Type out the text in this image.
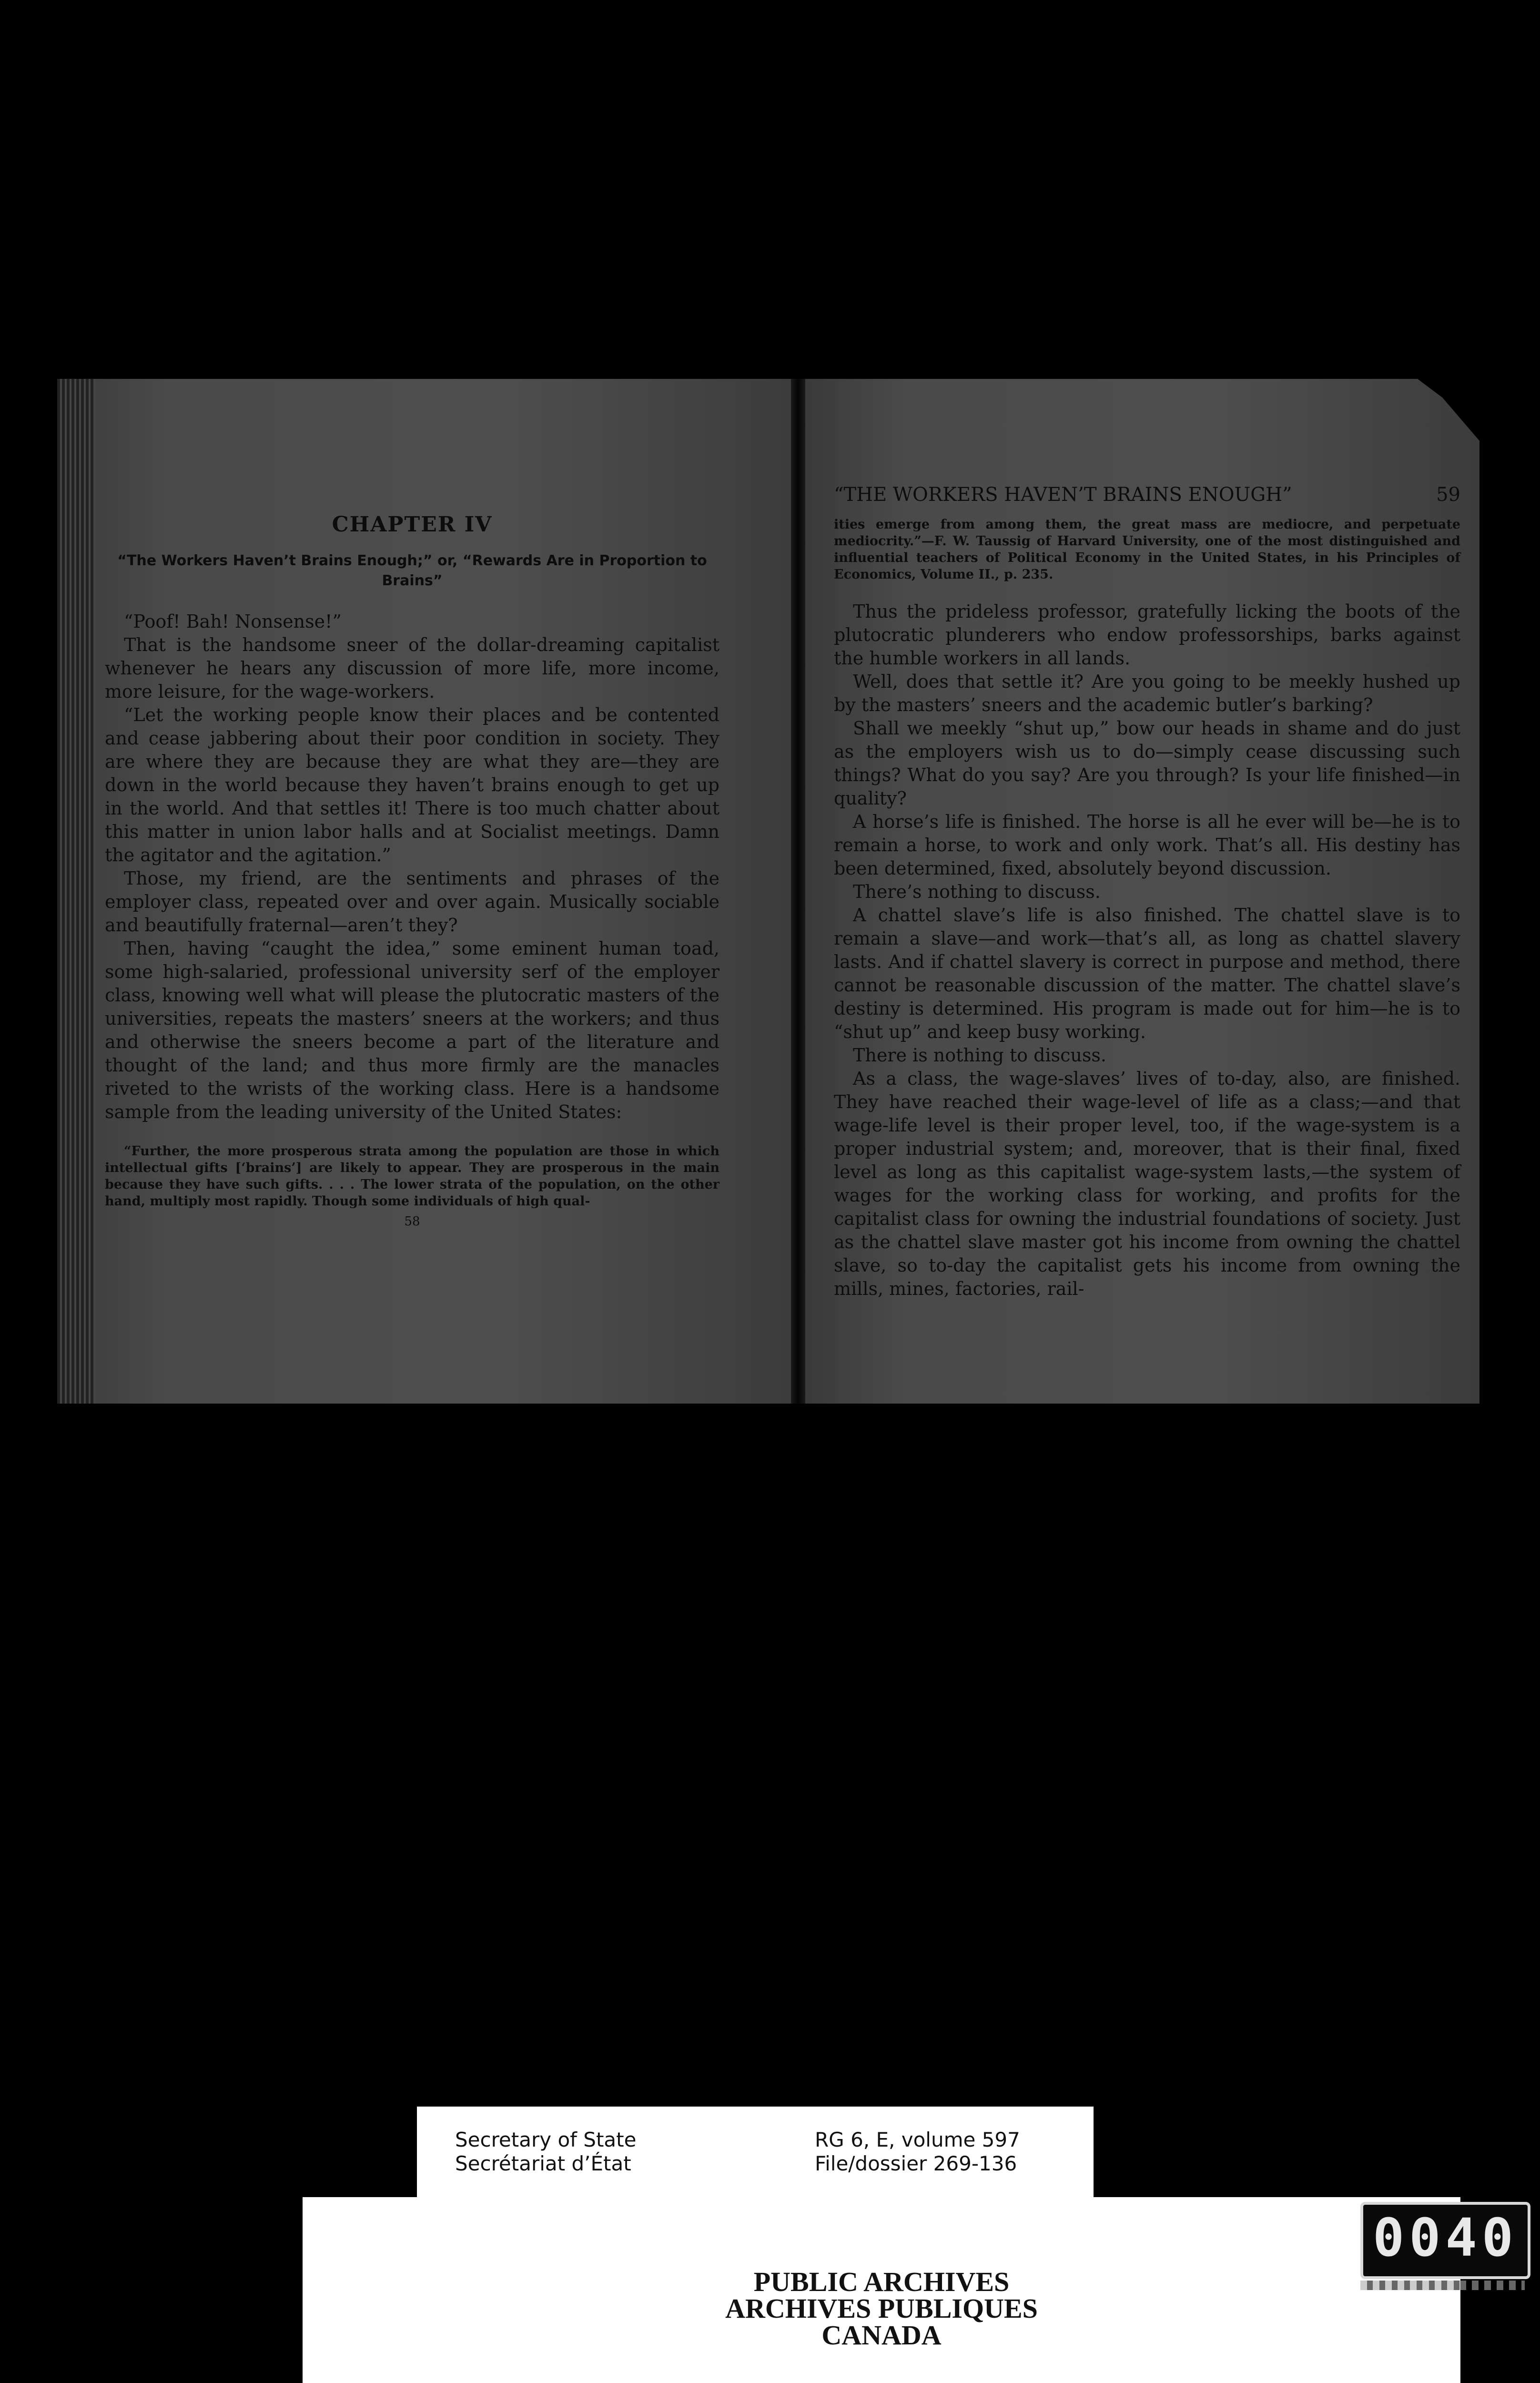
CHAPTER IV
“The Workers Haven’t Brains Enough;” or, “Rewards Are in Proportion to Brains”

“Poof! Bah! Nonsense!”

That is the handsome sneer of the dollar-dreaming capitalist whenever he hears any discussion of more life, more income, more leisure, for the wage-workers.

“Let the working people know their places and be contented and cease jabbering about their poor condition in society. They are where they are because they are what they are—they are down in the world because they haven’t brains enough to get up in the world. And that settles it! There is too much chatter about this matter in union labor halls and at Socialist meetings. Damn the agitator and the agitation.”

Those, my friend, are the sentiments and phrases of the employer class, repeated over and over again. Musically sociable and beautifully fraternal—aren’t they?

Then, having “caught the idea,” some eminent human toad, some high-salaried, professional university serf of the employer class, knowing well what will please the plutocratic masters of the universities, repeats the masters’ sneers at the workers; and thus and otherwise the sneers become a part of the literature and thought of the land; and thus more firmly are the manacles riveted to the wrists of the working class. Here is a handsome sample from the leading university of the United States:

“Further, the more prosperous strata among the population are those in which intellectual gifts [‘brains’] are likely to appear. They are prosperous in the main because they have such gifts. . . . The lower strata of the population, on the other hand, multiply most rapidly. Though some individuals of high qual-
58
“THE WORKERS HAVEN’T BRAINS ENOUGH”	59
ities emerge from among them, the great mass are mediocre, and perpetuate mediocrity.”—F. W. Taussig of Harvard University, one of the most distinguished and influential teachers of Political Economy in the United States, in his Principles of Economics, Volume II., p. 235.

Thus the prideless professor, gratefully licking the boots of the plutocratic plunderers who endow professorships, barks against the humble workers in all lands.

Well, does that settle it? Are you going to be meekly hushed up by the masters’ sneers and the academic butler’s barking?

Shall we meekly “shut up,” bow our heads in shame and do just as the employers wish us to do—simply cease discussing such things? What do you say? Are you through? Is your life finished—in quality?

A horse’s life is finished. The horse is all he ever will be—he is to remain a horse, to work and only work. That’s all. His destiny has been determined, fixed, absolutely beyond discussion.

There’s nothing to discuss.

A chattel slave’s life is also finished. The chattel slave is to remain a slave—and work—that’s all, as long as chattel slavery lasts. And if chattel slavery is correct in purpose and method, there cannot be reasonable discussion of the matter. The chattel slave’s destiny is determined. His program is made out for him—he is to “shut up” and keep busy working.

There is nothing to discuss.

As a class, the wage-slaves’ lives of to-day, also, are finished. They have reached their wage-level of life as a class;—and that wage-life level is their proper level, too, if the wage-system is a proper industrial system; and, moreover, that is their final, fixed level as long as this capitalist wage-system lasts,—the system of wages for the working class for working, and profits for the capitalist class for owning the industrial foundations of society. Just as the chattel slave master got his income from owning the chattel slave, so to-day the capitalist gets his income from owning the mills, mines, factories, rail-

PUBLIC ARCHIVES
ARCHIVES PUBLIQUES
CANADA
Secretary of State
Secrétariat d’État
RG 6, E, volume 597
File/dossier 269-136
0040
